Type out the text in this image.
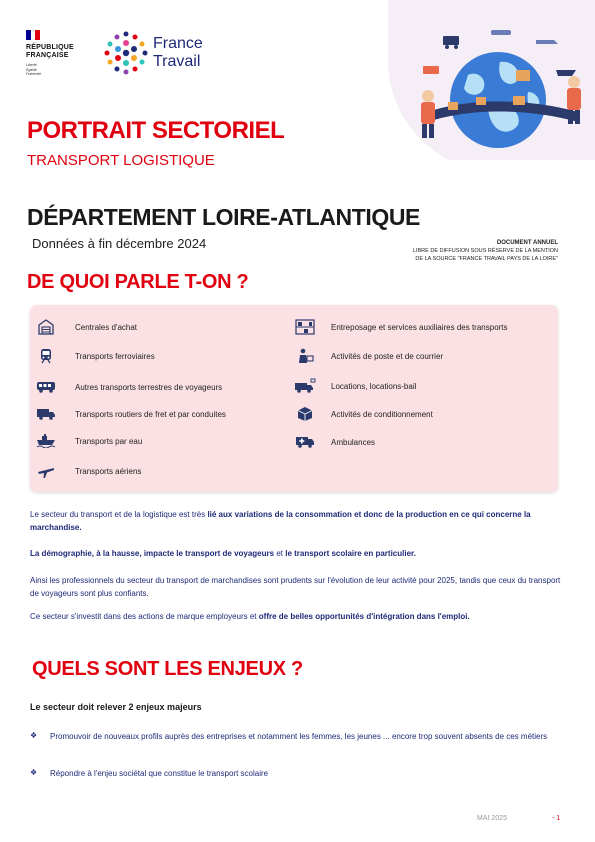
RÉPUBLIQUE
FRANÇAISE
Liberté
Égalité
Fraternité
France
Travail
PORTRAIT SECTORIEL
TRANSPORT LOGISTIQUE
DÉPARTEMENT LOIRE-ATLANTIQUE
Données à fin décembre 2024	DOCUMENT ANNUEL
LIBRE DE DIFFUSION SOUS RÉSERVE DE LA MENTION
DE LA SOURCE "FRANCE TRAVAIL PAYS DE LA LOIRE"
DE QUOI PARLE T-ON ?
Centrales d'achat
Transports ferroviaires
Autres transports terrestres de voyageurs
Transports routiers de fret et par conduites
Transports par eau
Transports aériens
Entreposage et services auxiliaires des transports
Activités de poste et de courrier
Locations, locations-bail
Activités de conditionnement
Ambulances
Le secteur du transport et de la logistique est très lié aux variations de la consommation et donc de la production en ce qui concerne la marchandise.
La démographie, à la hausse, impacte le transport de voyageurs et le transport scolaire en particulier.
Ainsi les professionnels du secteur du transport de marchandises sont prudents sur l'évolution de leur activité pour 2025, tandis que ceux du transport de voyageurs sont plus confiants.
Ce secteur s'investit dans des actions de marque employeurs et offre de belles opportunités d'intégration dans l'emploi.
QUELS SONT LES ENJEUX ?
Le secteur doit relever 2 enjeux majeurs
❖	Promouvoir de nouveaux profils auprès des entreprises et notamment les femmes, les jeunes ... encore trop souvent absents de ces métiers
❖	Répondre à l'enjeu sociétal que constitue le transport scolaire
MAI 2025	- 1
